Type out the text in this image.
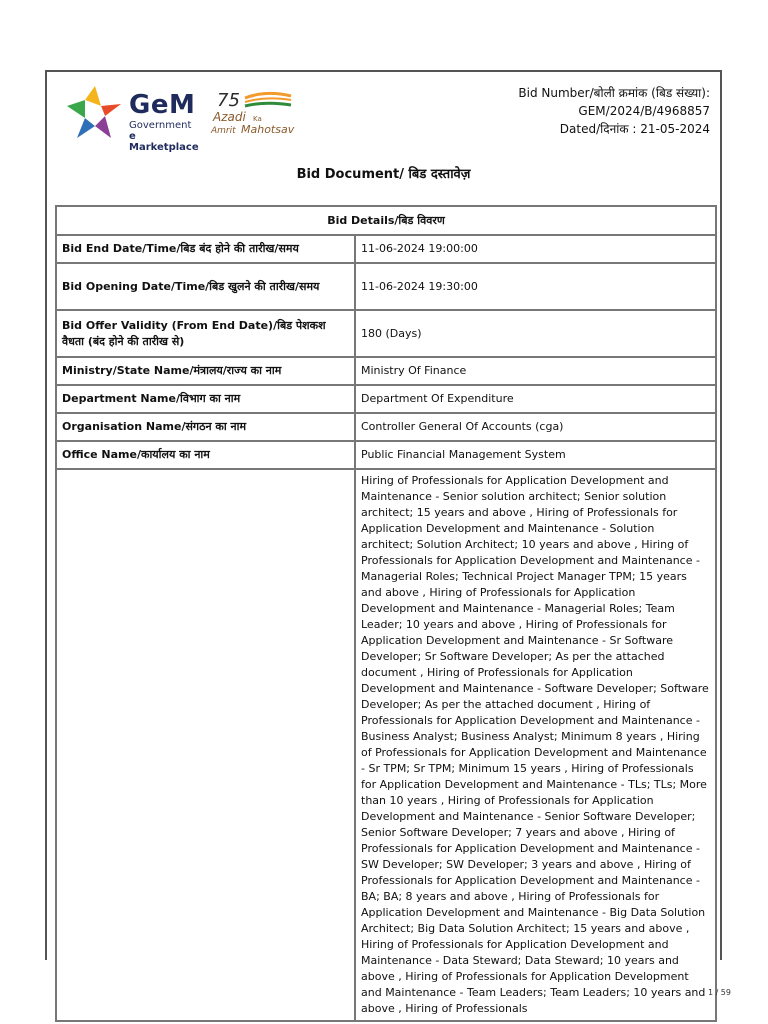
GeM
Government
e Marketplace
75
Azadi Ka
Amrit Mahotsav
Bid Number/बोली क्रमांक (बिड संख्या):
GEM/2024/B/4968857
Dated/दिनांक : 21-05-2024
Bid Document/ बिड दस्तावेज़
Bid Details/बिड विवरण	
Bid End Date/Time/बिड बंद होने की तारीख/समय	11-06-2024 19:00:00
Bid Opening Date/Time/बिड खुलने की तारीख/समय	11-06-2024 19:30:00
Bid Offer Validity (From End Date)/बिड पेशकश वैधता (बंद होने की तारीख से)	180 (Days)
Ministry/State Name/मंत्रालय/राज्य का नाम	Ministry Of Finance
Department Name/विभाग का नाम	Department Of Expenditure
Organisation Name/संगठन का नाम	Controller General Of Accounts (cga)
Office Name/कार्यालय का नाम	Public Financial Management System
	Hiring of Professionals for Application Development and Maintenance - Senior solution architect; Senior solution architect; 15 years and above , Hiring of Professionals for Application Development and Maintenance - Solution architect; Solution Architect; 10 years and above , Hiring of Professionals for Application Development and Maintenance - Managerial Roles; Technical Project Manager TPM; 15 years and above , Hiring of Professionals for Application Development and Maintenance - Managerial Roles; Team Leader; 10 years and above , Hiring of Professionals for Application Development and Maintenance - Sr Software Developer; Sr Software Developer; As per the attached document , Hiring of Professionals for Application Development and Maintenance - Software Developer; Software Developer; As per the attached document , Hiring of Professionals for Application Development and Maintenance - Business Analyst; Business Analyst; Minimum 8 years , Hiring of Professionals for Application Development and Maintenance - Sr TPM; Sr TPM; Minimum 15 years , Hiring of Professionals for Application Development and Maintenance - TLs; TLs; More than 10 years , Hiring of Professionals for Application Development and Maintenance - Senior Software Developer; Senior Software Developer; 7 years and above , Hiring of Professionals for Application Development and Maintenance - SW Developer; SW Developer; 3 years and above , Hiring of Professionals for Application Development and Maintenance - BA; BA; 8 years and above , Hiring of Professionals for Application Development and Maintenance - Big Data Solution Architect; Big Data Solution Architect; 15 years and above , Hiring of Professionals for Application Development and Maintenance - Data Steward; Data Steward; 10 years and above , Hiring of Professionals for Application Development and Maintenance - Team Leaders; Team Leaders; 10 years and above , Hiring of Professionals
1 / 59
